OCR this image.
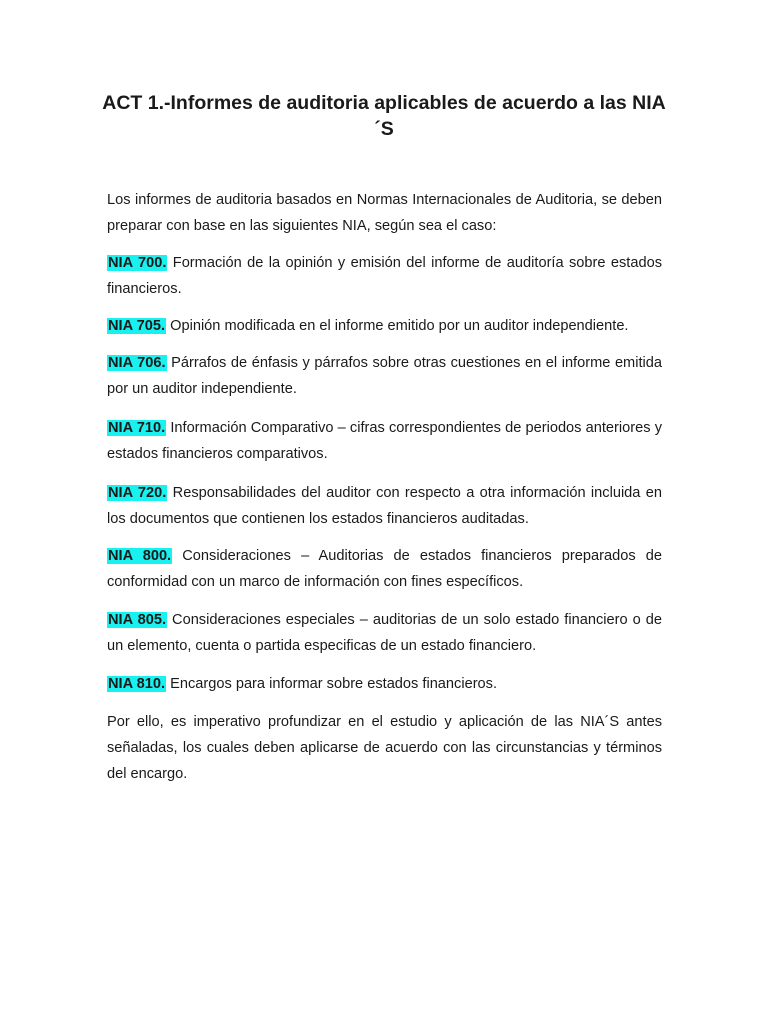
ACT 1.-Informes de auditoria aplicables de acuerdo a las NIA´S

Los informes de auditoria basados en Normas Internacionales de Auditoria, se deben preparar con base en las siguientes NIA, según sea el caso:

NIA 700. Formación de la opinión y emisión del informe de auditoría sobre estados financieros.

NIA 705. Opinión modificada en el informe emitido por un auditor independiente.

NIA 706. Párrafos de énfasis y párrafos sobre otras cuestiones en el informe emitida por un auditor independiente.

NIA 710. Información Comparativo – cifras correspondientes de periodos anteriores y estados financieros comparativos.

NIA 720. Responsabilidades del auditor con respecto a otra información incluida en los documentos que contienen los estados financieros auditadas.

NIA 800. Consideraciones – Auditorias de estados financieros preparados de conformidad con un marco de información con fines específicos.

NIA 805. Consideraciones especiales – auditorias de un solo estado financiero o de un elemento, cuenta o partida especificas de un estado financiero.

NIA 810. Encargos para informar sobre estados financieros.

Por ello, es imperativo profundizar en el estudio y aplicación de las NIA´S antes señaladas, los cuales deben aplicarse de acuerdo con las circunstancias y términos del encargo.
